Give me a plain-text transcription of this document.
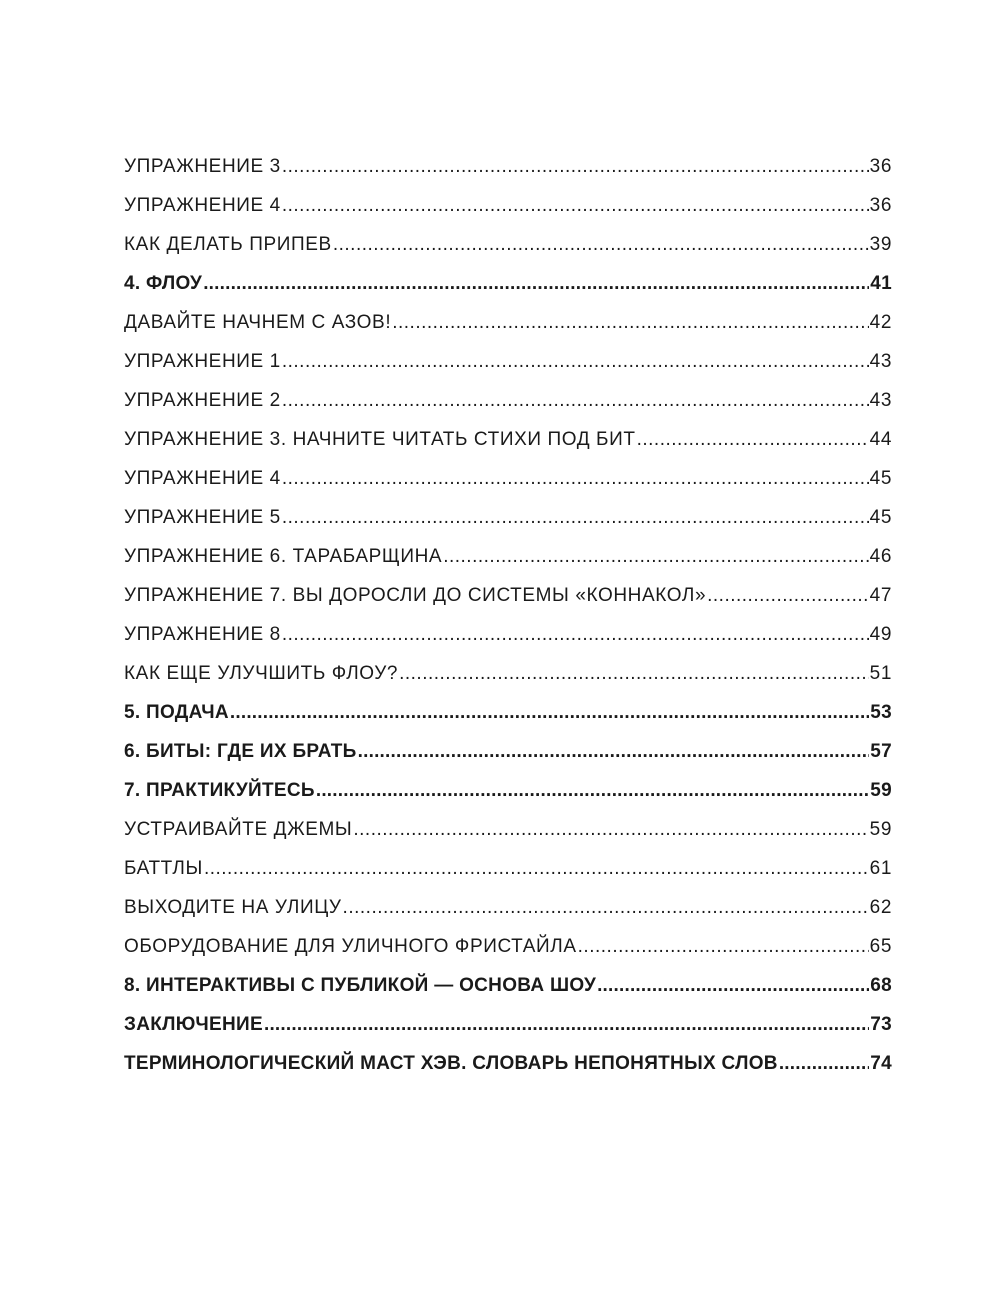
УПРАЖНЕНИЕ 3 .....	36
УПРАЖНЕНИЕ 4 .....	36
КАК ДЕЛАТЬ ПРИПЕВ .....	39
4. ФЛОУ .....	41
ДАВАЙТЕ НАЧНЕМ С АЗОВ! .....	42
УПРАЖНЕНИЕ 1 .....	43
УПРАЖНЕНИЕ 2 .....	43
УПРАЖНЕНИЕ 3. НАЧНИТЕ ЧИТАТЬ СТИХИ ПОД БИТ .....	44
УПРАЖНЕНИЕ 4 .....	45
УПРАЖНЕНИЕ 5 .....	45
УПРАЖНЕНИЕ 6. ТАРАБАРЩИНА .....	46
УПРАЖНЕНИЕ 7. ВЫ ДОРОСЛИ ДО СИСТЕМЫ «КОННАКОЛ» .....	47
УПРАЖНЕНИЕ 8 .....	49
КАК ЕЩЕ УЛУЧШИТЬ ФЛОУ? .....	51
5. ПОДАЧА .....	53
6. БИТЫ: ГДЕ ИХ БРАТЬ .....	57
7. ПРАКТИКУЙТЕСЬ .....	59
УСТРАИВАЙТЕ ДЖЕМЫ .....	59
БАТТЛЫ .....	61
ВЫХОДИТЕ НА УЛИЦУ .....	62
ОБОРУДОВАНИЕ ДЛЯ УЛИЧНОГО ФРИСТАЙЛА .....	65
8. ИНТЕРАКТИВЫ С ПУБЛИКОЙ — ОСНОВА ШОУ .....	68
ЗАКЛЮЧЕНИЕ .....	73
ТЕРМИНОЛОГИЧЕСКИЙ МАСТ ХЭВ. СЛОВАРЬ НЕПОНЯТНЫХ СЛОВ .....	74
